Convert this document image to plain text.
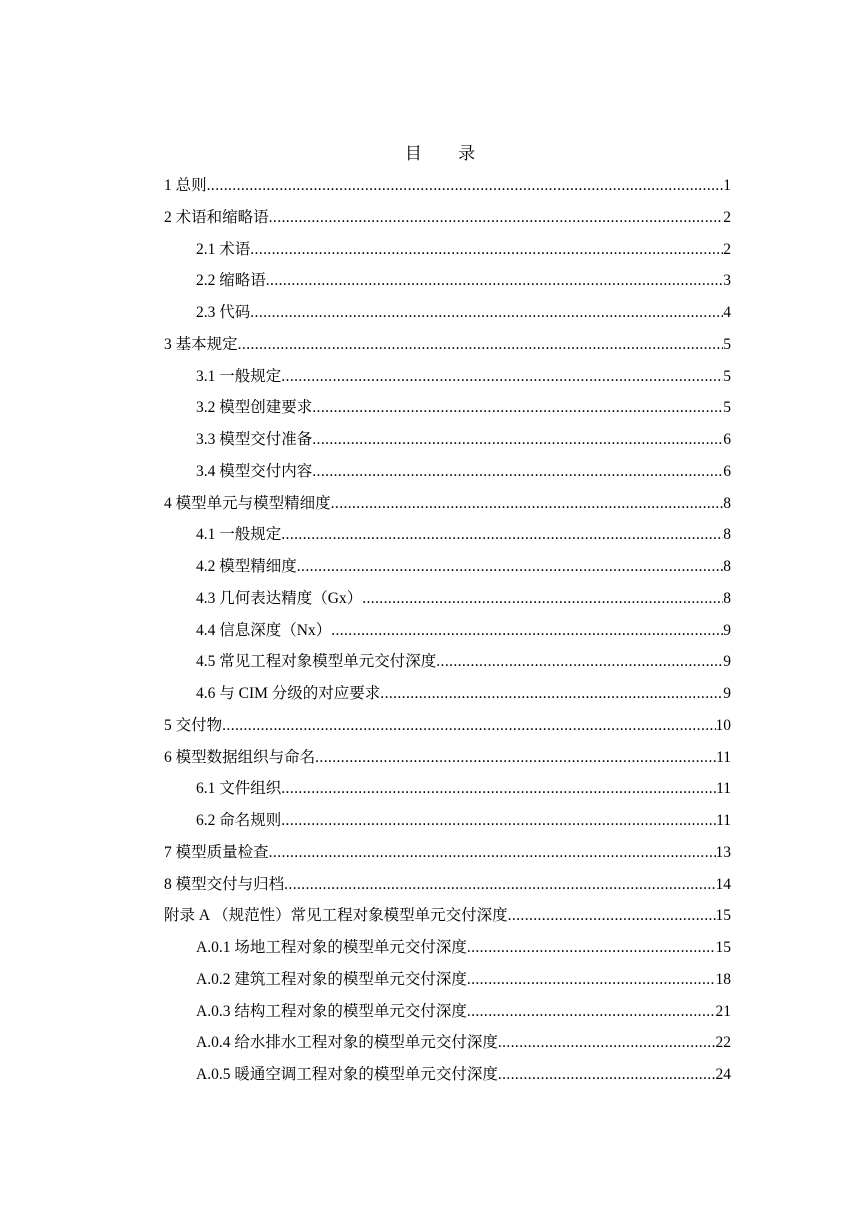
目 录
1 总则 .....	1
2 术语和缩略语 .....	2
2.1 术语 .....	2
2.2 缩略语 .....	3
2.3 代码 .....	4
3 基本规定 .....	5
3.1 一般规定 .....	5
3.2 模型创建要求 .....	5
3.3 模型交付准备 .....	6
3.4 模型交付内容 .....	6
4 模型单元与模型精细度 .....	8
4.1 一般规定 .....	8
4.2 模型精细度 .....	8
4.3 几何表达精度（Gx） .....	8
4.4 信息深度（Nx） .....	9
4.5 常见工程对象模型单元交付深度 .....	9
4.6 与 CIM 分级的对应要求 .....	9
5 交付物 .....	10
6 模型数据组织与命名 .....	11
6.1 文件组织 .....	11
6.2 命名规则 .....	11
7 模型质量检查 .....	13
8 模型交付与归档 .....	14
附录 A （规范性）常见工程对象模型单元交付深度 .....	15
A.0.1 场地工程对象的模型单元交付深度 .....	15
A.0.2 建筑工程对象的模型单元交付深度 .....	18
A.0.3 结构工程对象的模型单元交付深度 .....	21
A.0.4 给水排水工程对象的模型单元交付深度 .....	22
A.0.5 暖通空调工程对象的模型单元交付深度 .....	24
